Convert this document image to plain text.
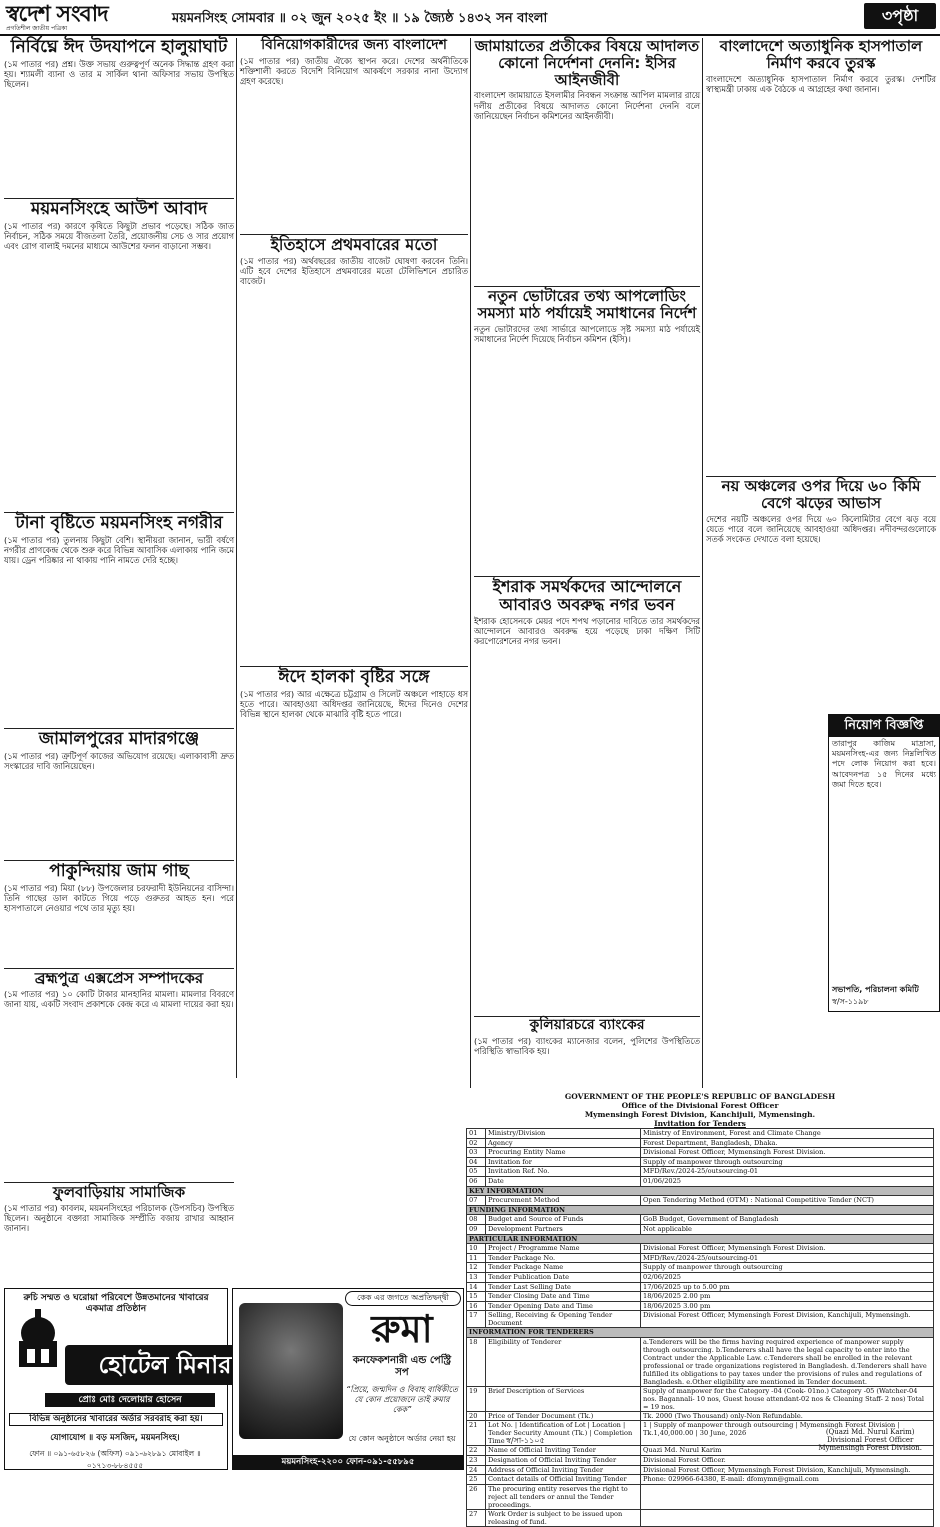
স্বদেশ সংবাদ
প্রগতিশীল জাতীয় পত্রিকা
ময়মনসিংহ সোমবার ॥ ০২ জুন ২০২৫ ইং ॥ ১৯ জ্যৈষ্ঠ ১৪৩২ সন বাংলা	৩পৃষ্ঠা
নির্বিঘ্নে ঈদ উদযাপনে হালুয়াঘাট

(১ম পাতার পর) প্রশ্ন। উক্ত সভায় গুরুত্বপূর্ণ অনেক সিদ্ধান্ত গ্রহণ করা হয়। শ্যামলী ব্যানা ও তার ম সার্কিল থানা অফিসার সভায় উপস্থিত ছিলেন।

ময়মনসিংহে আউশ আবাদ

(১ম পাতার পর) কারণে কৃষিতে কিছুটা প্রভাব পড়েছে। সঠিক জাত নির্বাচন, সঠিক সময়ে বীজতলা তৈরি, প্রয়োজনীয় সেচ ও সার প্রয়োগ এবং রোগ বালাই দমনের মাধ্যমে আউশের ফলন বাড়ানো সম্ভব।

টানা বৃষ্টিতে ময়মনসিংহ নগরীর

(১ম পাতার পর) তুলনায় কিছুটা বেশি। স্থানীয়রা জানান, ভারী বর্ষণে নগরীর প্রাণকেন্দ্র থেকে শুরু করে বিভিন্ন আবাসিক এলাকায় পানি জমে যায়। ড্রেন পরিষ্কার না থাকায় পানি নামতে দেরি হচ্ছে।

জামালপুরের মাদারগঞ্জে

(১ম পাতার পর) ত্রুটিপূর্ণ কাজের অভিযোগ রয়েছে। এলাকাবাসী দ্রুত সংস্কারের দাবি জানিয়েছেন।

পাকুন্দিয়ায় জাম গাছ

(১ম পাতার পর) মিয়া (৮৮) উপজেলার চরফরাদী ইউনিয়নের বাসিন্দা। তিনি গাছের ডাল কাটতে গিয়ে পড়ে গুরুতর আহত হন। পরে হাসপাতালে নেওয়ার পথে তার মৃত্যু হয়।

ব্রহ্মপুত্র এক্সপ্রেস সম্পাদকের

(১ম পাতার পর) ১০ কোটি টাকার মানহানির মামলা। মামলার বিবরণে জানা যায়, একটি সংবাদ প্রকাশকে কেন্দ্র করে এ মামলা দায়ের করা হয়।

ফুলবাড়িয়ায় সামাজিক

(১ম পাতার পর) কাবলম, ময়মনসিংহের পরিচালক (উপসচিব) উপস্থিত ছিলেন। অনুষ্ঠানে বক্তারা সামাজিক সম্প্রীতি বজায় রাখার আহ্বান জানান।

বিনিয়োগকারীদের জন্য বাংলাদেশ

(১ম পাতার পর) জাতীয় ঐক্যে স্থাপন করে। দেশের অর্থনীতিকে শক্তিশালী করতে বিদেশি বিনিয়োগ আকর্ষণে সরকার নানা উদ্যোগ গ্রহণ করেছে।

ইতিহাসে প্রথমবারের মতো

(১ম পাতার পর) অর্থবছরের জাতীয় বাজেট ঘোষণা করবেন তিনি। এটি হবে দেশের ইতিহাসে প্রথমবারের মতো টেলিভিশনে প্রচারিত বাজেট।

ঈদে হালকা বৃষ্টির সঙ্গে

(১ম পাতার পর) আর এক্ষেত্রে চট্টগ্রাম ও সিলেট অঞ্চলে পাহাড়ে ধস হতে পারে। আবহাওয়া অধিদপ্তর জানিয়েছে, ঈদের দিনেও দেশের বিভিন্ন স্থানে হালকা থেকে মাঝারি বৃষ্টি হতে পারে।

জামায়াতের প্রতীকের বিষয়ে আদালত কোনো নির্দেশনা দেননি: ইসির আইনজীবী

বাংলাদেশ জামায়াতে ইসলামীর নিবন্ধন সংক্রান্ত আপিল মামলার রায়ে দলীয় প্রতীকের বিষয়ে আদালত কোনো নির্দেশনা দেননি বলে জানিয়েছেন নির্বাচন কমিশনের আইনজীবী।

নতুন ভোটারের তথ্য আপলোডিং সমস্যা মাঠ পর্যায়েই সমাধানের নির্দেশ

নতুন ভোটারদের তথ্য সার্ভারে আপলোডে সৃষ্ট সমস্যা মাঠ পর্যায়েই সমাধানের নির্দেশ দিয়েছে নির্বাচন কমিশন (ইসি)।

ইশরাক সমর্থকদের আন্দোলনে আবারও অবরুদ্ধ নগর ভবন

ইশরাক হোসেনকে মেয়র পদে শপথ পড়ানোর দাবিতে তার সমর্থকদের আন্দোলনে আবারও অবরুদ্ধ হয়ে পড়েছে ঢাকা দক্ষিণ সিটি করপোরেশনের নগর ভবন।

কুলিয়ারচরে ব্যাংকের

(১ম পাতার পর) ব্যাংকের ম্যানেজার বলেন, পুলিশের উপস্থিতিতে পরিস্থিতি স্বাভাবিক হয়।

বাংলাদেশে অত্যাধুনিক হাসপাতাল নির্মাণ করবে তুরস্ক

বাংলাদেশে অত্যাধুনিক হাসপাতাল নির্মাণ করবে তুরস্ক। দেশটির স্বাস্থ্যমন্ত্রী ঢাকায় এক বৈঠকে এ আগ্রহের কথা জানান।

নয় অঞ্চলের ওপর দিয়ে ৬০ কিমি বেগে ঝড়ের আভাস

দেশের নয়টি অঞ্চলের ওপর দিয়ে ৬০ কিলোমিটার বেগে ঝড় বয়ে যেতে পারে বলে জানিয়েছে আবহাওয়া অধিদপ্তর। নদীবন্দরগুলোকে সতর্ক সংকেত দেখাতে বলা হয়েছে।

নিয়োগ বিজ্ঞপ্তি

তারাপুর কাজিম মাদ্রাসা, ময়মনসিংহ-এর জন্য নিম্নলিখিত পদে লোক নিয়োগ করা হবে। আবেদনপত্র ১৫ দিনের মধ্যে জমা দিতে হবে।

সভাপতি, পরিচালনা কমিটি
স্ব/স-১১৯৮
রুচি সম্মত ও ঘরোয়া পরিবেশে উন্নতমানের খাবারের একমাত্র প্রতিষ্ঠান
হোটেল মিনার
প্রোঃ মোঃ দেলোয়ার হোসেন
বিভিন্ন অনুষ্ঠানের খাবারের অর্ডার সরবরাহ করা হয়।
যোগাযোগ ॥ বড় মসজিদ, ময়মনসিংহ।
ফোন ॥ ০৯১-৬৫৮২৬ (অফিস) ০৯১-৬২৮৯১ মোবাইল ॥ ০১৭১৩-৮৮৪৫৫৫
কেক এর জগতে অপ্রতিদ্বন্দ্বী
রুমা
কনফেকশনারী এন্ড পেস্ট্রি সপ
“প্রিয়ে, জন্মদিন ও বিবাহ বার্ষিকীতে যে কোন প্রয়োজনে তাই রুমার কেক”
যে কোন অনুষ্ঠানে অর্ডার নেয়া হয়
ময়মনসিংহ-২২০০ ফোন-০৯১-৫৫৮৯৫
GOVERNMENT OF THE PEOPLE'S REPUBLIC OF BANGLADESH
Office of the Divisional Forest Officer
Mymensingh Forest Division, Kanchijuli, Mymensingh.
Invitation for Tenders
01	Ministry/Division	Ministry of Environment, Forest and Climate Change
02	Agency	Forest Department, Bangladesh, Dhaka.
03	Procuring Entity Name	Divisional Forest Officer, Mymensingh Forest Division.
04	Invitation for	Supply of manpower through outsourcing
05	Invitation Ref. No.	MFD/Rev./2024-25/outsourcing-01
06	Date	01/06/2025
KEY INFORMATION		
07	Procurement Method	Open Tendering Method (OTM) : National Competitive Tender (NCT)
FUNDING INFORMATION		
08	Budget and Source of Funds	GoB Budget, Government of Bangladesh
09	Development Partners	Not applicable
PARTICULAR INFORMATION		
10	Project / Programme Name	Divisional Forest Officer, Mymensingh Forest Division.
11	Tender Package No.	MFD/Rev./2024-25/outsourcing-01
12	Tender Package Name	Supply of manpower through outsourcing
13	Tender Publication Date	02/06/2025
14	Tender Last Selling Date	17/06/2025 up to 5.00 pm
15	Tender Closing Date and Time	18/06/2025 2.00 pm
16	Tender Opening Date and Time	18/06/2025 3.00 pm
17	Selling, Receiving & Opening Tender Document	Divisional Forest Officer, Mymensingh Forest Division, Kanchijuli, Mymensingh.
INFORMATION FOR TENDERERS		
18	Eligibility of Tenderer	a.Tenderers will be the firms having required experience of manpower supply through outsourcing. b.Tenderers shall have the legal capacity to enter into the Contract under the Applicable Law. c.Tenderers shall be enrolled in the relevant professional or trade organizations registered in Bangladesh. d.Tenderers shall have fulfilled its obligations to pay taxes under the provisions of rules and regulations of Bangladesh. e.Other eligibility are mentioned in Tender document.
19	Brief Description of Services	Supply of manpower for the Category -04 (Cook- 01no.) Category -05 (Watcher-04 nos. Bagannali- 10 nos, Guest house attendant-02 nos & Cleaning Staff- 2 nos) Total = 19 nos.
20	Price of Tender Document (Tk.)	Tk. 2000 (Two Thousand) only-Non Refundable.
21	Lot No. | Identification of Lot | Location | Tender Security Amount (Tk.) | Completion Time	1 | Supply of manpower through outsourcing | Mymensingh Forest Division | Tk.1,40,000.00 | 30 June, 2026
22	Name of Official Inviting Tender	Quazi Md. Nurul Karim
23	Designation of Official Inviting Tender	Divisional Forest Officer.
24	Address of Official Inviting Tender	Divisional Forest Officer, Mymensingh Forest Division, Kanchijuli, Mymensingh.
25	Contact details of Official Inviting Tender	Phone: 029966-64380, E-mail: dfomymn@gmail.com
26	The procuring entity reserves the right to reject all tenders or annul the Tender proceedings.	
27	Work Order is subject to be issued upon releasing of fund.	
(Quazi Md. Nurul Karim)
Divisional Forest Officer
Mymensingh Forest Division.
স্ব/সা-১১০৫
